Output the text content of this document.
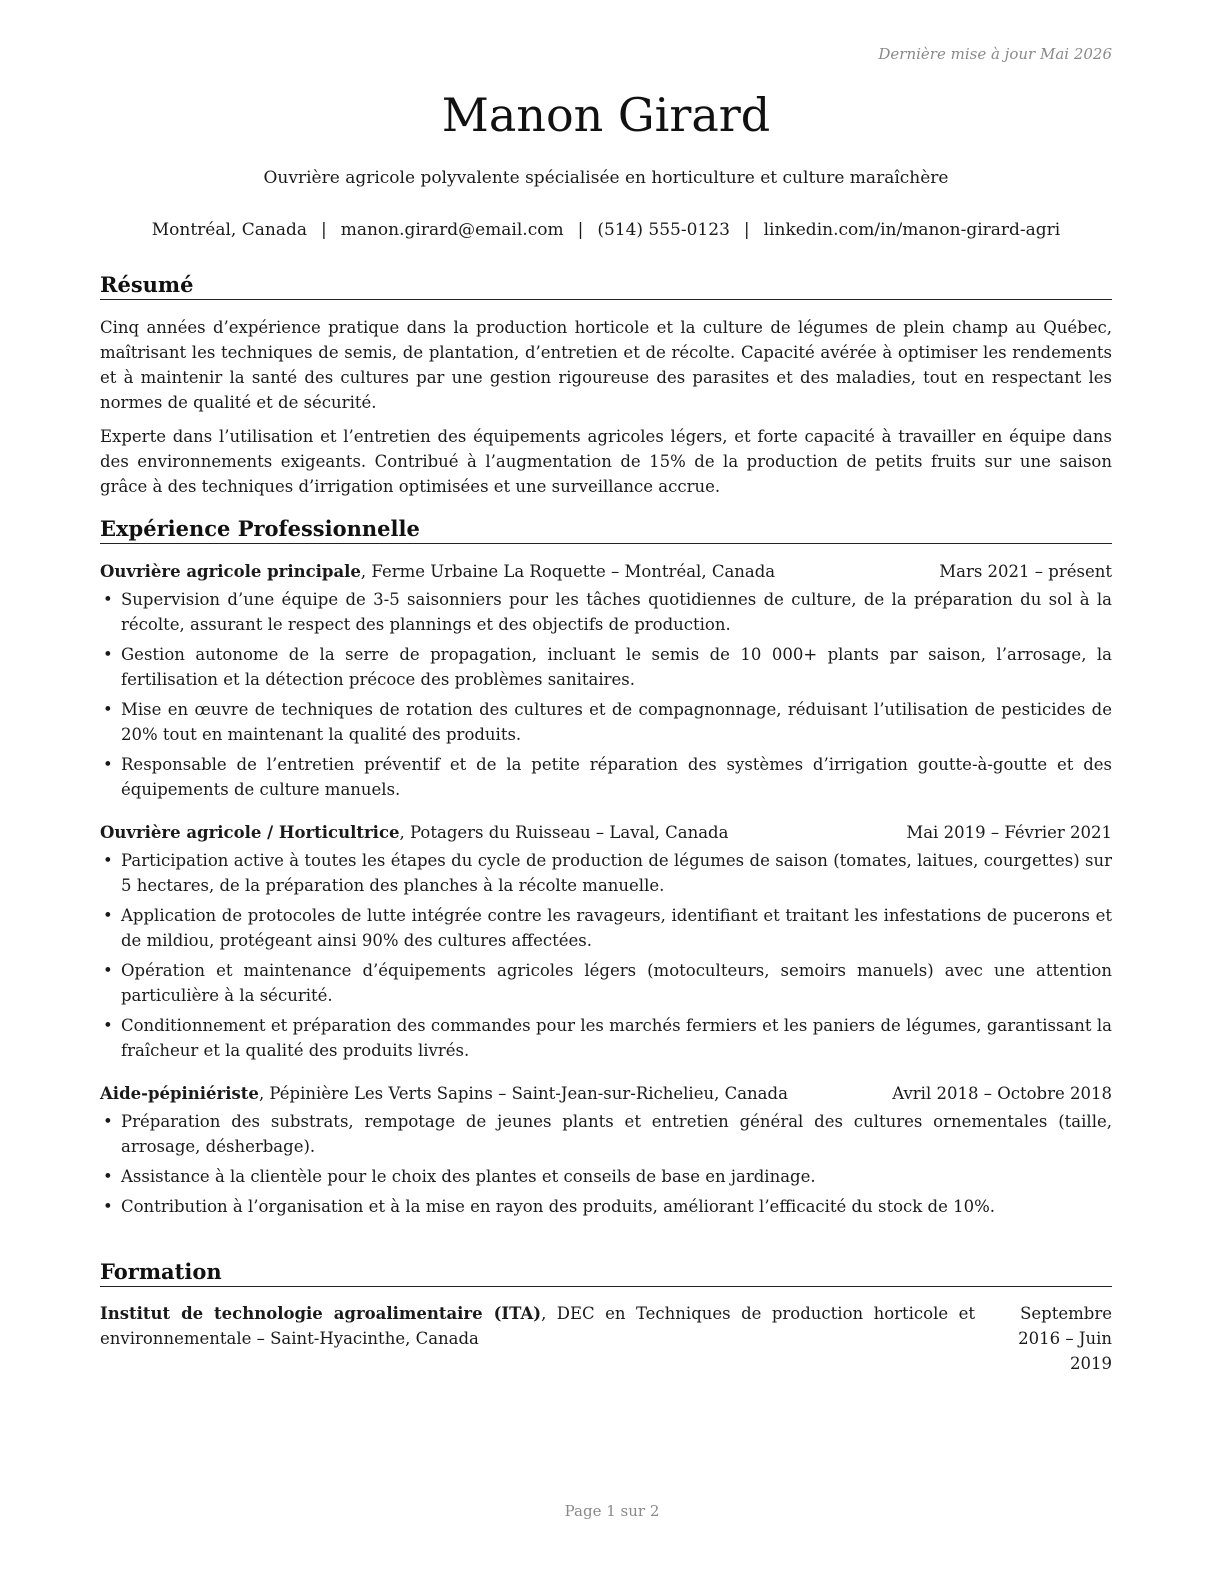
Dernière mise à jour Mai 2026
Manon Girard
Ouvrière agricole polyvalente spécialisée en horticulture et culture maraîchère
Montréal, Canada | manon.girard@email.com | (514) 555-0123 | linkedin.com/in/manon-girard-agri
Résumé

Cinq années d’expérience pratique dans la production horticole et la culture de légumes de plein champ au Québec, maîtrisant les techniques de semis, de plantation, d’entretien et de récolte. Capacité avérée à optimiser les rendements et à maintenir la santé des cultures par une gestion rigoureuse des parasites et des maladies, tout en respectant les normes de qualité et de sécurité.

Experte dans l’utilisation et l’entretien des équipements agricoles légers, et forte capacité à travailler en équipe dans des environnements exigeants. Contribué à l’augmentation de 15% de la production de petits fruits sur une saison grâce à des techniques d’irrigation optimisées et une surveillance accrue.

Expérience Professionnelle
Ouvrière agricole principale, Ferme Urbaine La Roquette – Montréal, Canada	Mars 2021 – présent
• Supervision d’une équipe de 3-5 saisonniers pour les tâches quotidiennes de culture, de la préparation du sol à la récolte, assurant le respect des plannings et des objectifs de production.
• Gestion autonome de la serre de propagation, incluant le semis de 10 000+ plants par saison, l’arrosage, la fertilisation et la détection précoce des problèmes sanitaires.
• Mise en œuvre de techniques de rotation des cultures et de compagnonnage, réduisant l’utilisation de pesticides de 20% tout en maintenant la qualité des produits.
• Responsable de l’entretien préventif et de la petite réparation des systèmes d’irrigation goutte-à-goutte et des équipements de culture manuels.
Ouvrière agricole / Horticultrice, Potagers du Ruisseau – Laval, Canada	Mai 2019 – Février 2021
• Participation active à toutes les étapes du cycle de production de légumes de saison (tomates, laitues, courgettes) sur 5 hectares, de la préparation des planches à la récolte manuelle.
• Application de protocoles de lutte intégrée contre les ravageurs, identifiant et traitant les infestations de pucerons et de mildiou, protégeant ainsi 90% des cultures affectées.
• Opération et maintenance d’équipements agricoles légers (motoculteurs, semoirs manuels) avec une attention particulière à la sécurité.
• Conditionnement et préparation des commandes pour les marchés fermiers et les paniers de légumes, garantissant la fraîcheur et la qualité des produits livrés.
Aide-pépiniériste, Pépinière Les Verts Sapins – Saint-Jean-sur-Richelieu, Canada	Avril 2018 – Octobre 2018
• Préparation des substrats, rempotage de jeunes plants et entretien général des cultures ornementales (taille, arrosage, désherbage).
• Assistance à la clientèle pour le choix des plantes et conseils de base en jardinage.
• Contribution à l’organisation et à la mise en rayon des produits, améliorant l’efficacité du stock de 10%.
Formation
Institut de technologie agroalimentaire (ITA), DEC en Techniques de production horticole et environnementale – Saint-Hyacinthe, Canada
Septembre 2016 – Juin 2019
Page 1 sur 2
